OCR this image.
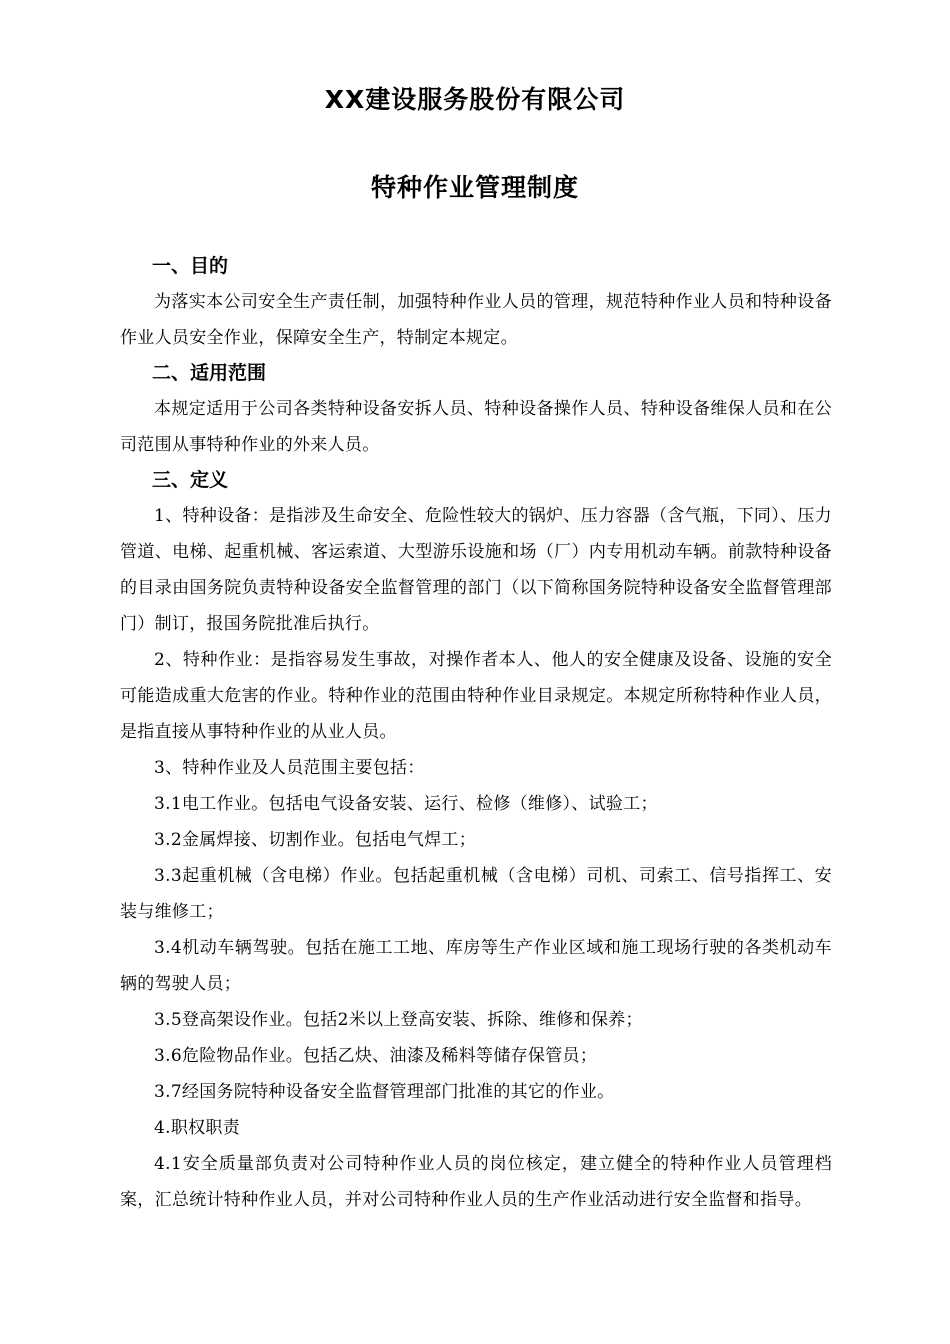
XX建设服务股份有限公司
特种作业管理制度
一、目的
为落实本公司安全生产责任制，加强特种作业人员的管理，规范特种作业人员和特种设备作业人员安全作业，保障安全生产，特制定本规定。
二、适用范围
本规定适用于公司各类特种设备安拆人员、特种设备操作人员、特种设备维保人员和在公司范围从事特种作业的外来人员。
三、定义
1、特种设备：是指涉及生命安全、危险性较大的锅炉、压力容器（含气瓶，下同）、压力管道、电梯、起重机械、客运索道、大型游乐设施和场（厂）内专用机动车辆。前款特种设备的目录由国务院负责特种设备安全监督管理的部门（以下简称国务院特种设备安全监督管理部门）制订，报国务院批准后执行。
2、特种作业：是指容易发生事故，对操作者本人、他人的安全健康及设备、设施的安全可能造成重大危害的作业。特种作业的范围由特种作业目录规定。本规定所称特种作业人员，是指直接从事特种作业的从业人员。
3、特种作业及人员范围主要包括：
3.1电工作业。包括电气设备安装、运行、检修（维修）、试验工；
3.2金属焊接、切割作业。包括电气焊工；
3.3起重机械（含电梯）作业。包括起重机械（含电梯）司机、司索工、信号指挥工、安装与维修工；
3.4机动车辆驾驶。包括在施工工地、库房等生产作业区域和施工现场行驶的各类机动车辆的驾驶人员；
3.5登高架设作业。包括2米以上登高安装、拆除、维修和保养；
3.6危险物品作业。包括乙炔、油漆及稀料等储存保管员；
3.7经国务院特种设备安全监督管理部门批准的其它的作业。
4.职权职责
4.1安全质量部负责对公司特种作业人员的岗位核定，建立健全的特种作业人员管理档案，汇总统计特种作业人员，并对公司特种作业人员的生产作业活动进行安全监督和指导。
